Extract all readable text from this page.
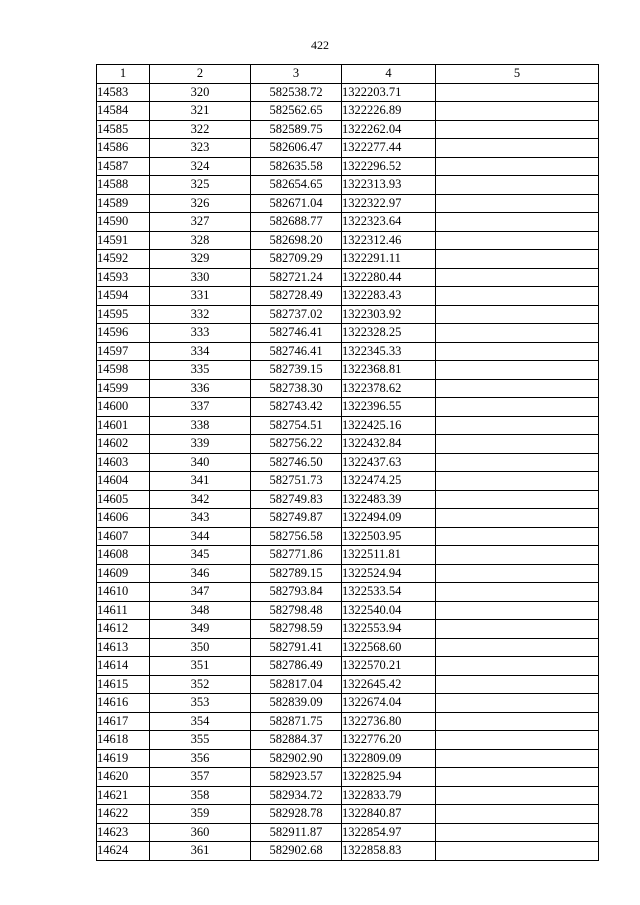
422
1	2	3	4	5
14583	320	582538.72	1322203.71	
14584	321	582562.65	1322226.89	
14585	322	582589.75	1322262.04	
14586	323	582606.47	1322277.44	
14587	324	582635.58	1322296.52	
14588	325	582654.65	1322313.93	
14589	326	582671.04	1322322.97	
14590	327	582688.77	1322323.64	
14591	328	582698.20	1322312.46	
14592	329	582709.29	1322291.11	
14593	330	582721.24	1322280.44	
14594	331	582728.49	1322283.43	
14595	332	582737.02	1322303.92	
14596	333	582746.41	1322328.25	
14597	334	582746.41	1322345.33	
14598	335	582739.15	1322368.81	
14599	336	582738.30	1322378.62	
14600	337	582743.42	1322396.55	
14601	338	582754.51	1322425.16	
14602	339	582756.22	1322432.84	
14603	340	582746.50	1322437.63	
14604	341	582751.73	1322474.25	
14605	342	582749.83	1322483.39	
14606	343	582749.87	1322494.09	
14607	344	582756.58	1322503.95	
14608	345	582771.86	1322511.81	
14609	346	582789.15	1322524.94	
14610	347	582793.84	1322533.54	
14611	348	582798.48	1322540.04	
14612	349	582798.59	1322553.94	
14613	350	582791.41	1322568.60	
14614	351	582786.49	1322570.21	
14615	352	582817.04	1322645.42	
14616	353	582839.09	1322674.04	
14617	354	582871.75	1322736.80	
14618	355	582884.37	1322776.20	
14619	356	582902.90	1322809.09	
14620	357	582923.57	1322825.94	
14621	358	582934.72	1322833.79	
14622	359	582928.78	1322840.87	
14623	360	582911.87	1322854.97	
14624	361	582902.68	1322858.83	
